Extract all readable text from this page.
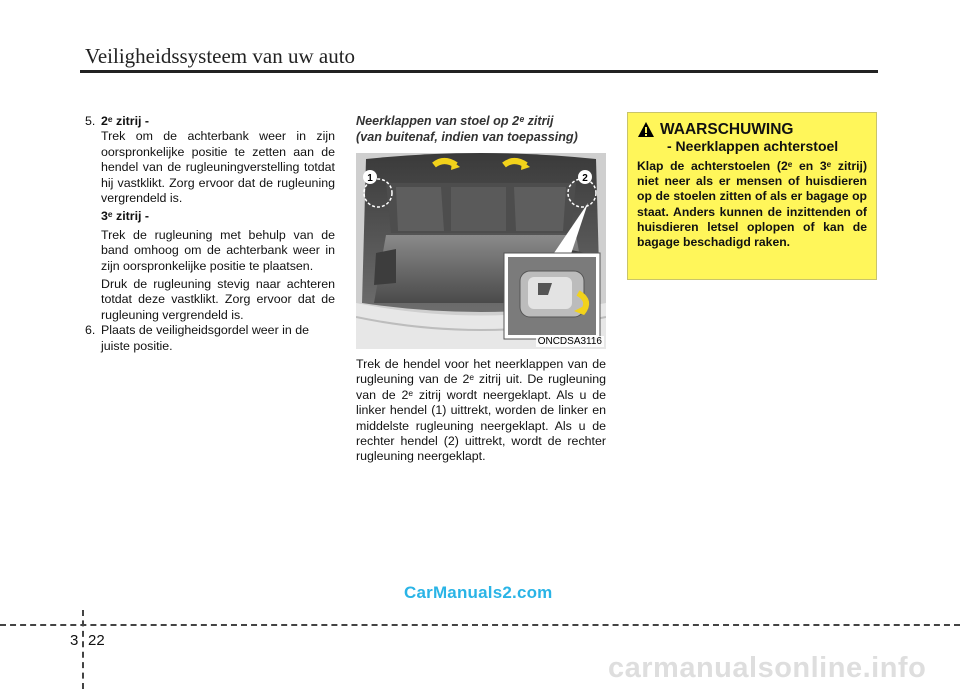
Veiligheidssysteem van uw auto
5. 2ᵉ zitrij -
Trek om de achterbank weer in zijn oorspronkelijke positie te zetten aan de hendel van de rugleuningverstelling totdat hij vastklikt. Zorg ervoor dat de rugleuning vergrendeld is.
3ᵉ zitrij -
Trek de rugleuning met behulp van de band omhoog om de achterbank weer in zijn oorspronkelijke positie te plaatsen.
Druk de rugleuning stevig naar achteren totdat deze vastklikt. Zorg ervoor dat de rugleuning vergrendeld is.
6. Plaats de veiligheidsgordel weer in de juiste positie.
Neerklappen van stoel op 2ᵉ zitrij
(van buitenaf, indien van toepassing)
1	2
ONCDSA3116
Trek de hendel voor het neerklappen van de rugleuning van de 2ᵉ zitrij uit. De rugleuning van de 2ᵉ zitrij wordt neergeklapt. Als u de linker hendel (1) uittrekt, worden de linker en middelste rugleuning neergeklapt. Als u de rechter hendel (2) uittrekt, wordt de rechter rugleuning neergeklapt.
WAARSCHUWING
- Neerklappen achterstoel
Klap de achterstoelen (2ᵉ en 3ᵉ zitrij) niet neer als er mensen of huisdieren op de stoelen zitten of als er bagage op staat. Anders kunnen de inzittenden of huisdieren letsel oplopen of kan de bagage beschadigd raken.
CarManuals2.com
3 22
carmanualsonline.info
